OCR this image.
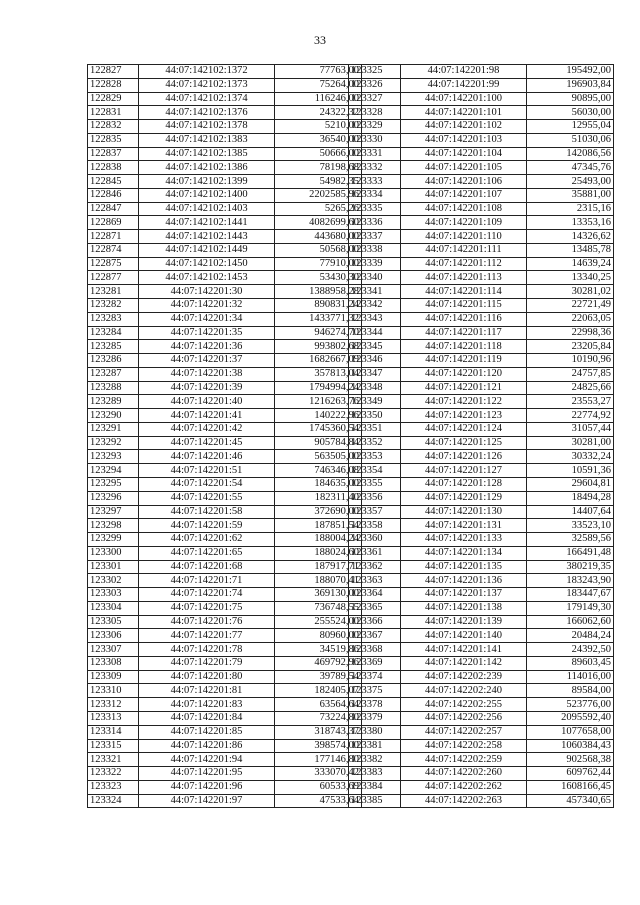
33
122827	44:07:142102:1372	77763,00
122828	44:07:142102:1373	75264,00
122829	44:07:142102:1374	116246,00
122831	44:07:142102:1376	24322,32
122832	44:07:142102:1378	5210,00
122835	44:07:142102:1383	36540,00
122837	44:07:142102:1385	50666,00
122838	44:07:142102:1386	78198,68
122845	44:07:142102:1399	54982,35
122846	44:07:142102:1400	2202585,96
122847	44:07:142102:1403	5265,26
122869	44:07:142102:1441	4082699,60
122871	44:07:142102:1443	443680,00
122874	44:07:142102:1449	50568,00
122875	44:07:142102:1450	77910,00
122877	44:07:142102:1453	53430,30
123281	44:07:142201:30	1388958,28
123282	44:07:142201:32	890831,24
123283	44:07:142201:34	1433771,32
123284	44:07:142201:35	946274,70
123285	44:07:142201:36	993802,68
123286	44:07:142201:37	1682667,09
123287	44:07:142201:38	357813,04
123288	44:07:142201:39	1794994,24
123289	44:07:142201:40	1216263,76
123290	44:07:142201:41	140222,96
123291	44:07:142201:42	1745360,54
123292	44:07:142201:45	905784,84
123293	44:07:142201:46	563505,00
123294	44:07:142201:51	746346,08
123295	44:07:142201:54	184635,00
123296	44:07:142201:55	182311,40
123297	44:07:142201:58	372690,00
123298	44:07:142201:59	187851,54
123299	44:07:142201:62	188004,24
123300	44:07:142201:65	188024,60
123301	44:07:142201:68	187917,71
123302	44:07:142201:71	188070,41
123303	44:07:142201:74	369130,00
123304	44:07:142201:75	736748,55
123305	44:07:142201:76	255524,00
123306	44:07:142201:77	80960,00
123307	44:07:142201:78	34519,86
123308	44:07:142201:79	469792,96
123309	44:07:142201:80	39789,54
123310	44:07:142201:81	182405,07
123312	44:07:142201:83	63564,64
123313	44:07:142201:84	73224,80
123314	44:07:142201:85	318743,37
123315	44:07:142201:86	398574,00
123321	44:07:142201:94	177146,80
123322	44:07:142201:95	333070,42
123323	44:07:142201:96	60533,69
123324	44:07:142201:97	47533,64
123325	44:07:142201:98	195492,00
123326	44:07:142201:99	196903,84
123327	44:07:142201:100	90895,00
123328	44:07:142201:101	56030,00
123329	44:07:142201:102	12955,04
123330	44:07:142201:103	51030,06
123331	44:07:142201:104	142086,56
123332	44:07:142201:105	47345,76
123333	44:07:142201:106	25493,00
123334	44:07:142201:107	35881,00
123335	44:07:142201:108	2315,16
123336	44:07:142201:109	13353,16
123337	44:07:142201:110	14326,62
123338	44:07:142201:111	13485,78
123339	44:07:142201:112	14639,24
123340	44:07:142201:113	13340,25
123341	44:07:142201:114	30281,02
123342	44:07:142201:115	22721,49
123343	44:07:142201:116	22063,05
123344	44:07:142201:117	22998,36
123345	44:07:142201:118	23205,84
123346	44:07:142201:119	10190,96
123347	44:07:142201:120	24757,85
123348	44:07:142201:121	24825,66
123349	44:07:142201:122	23553,27
123350	44:07:142201:123	22774,92
123351	44:07:142201:124	31057,44
123352	44:07:142201:125	30281,00
123353	44:07:142201:126	30332,24
123354	44:07:142201:127	10591,36
123355	44:07:142201:128	29604,81
123356	44:07:142201:129	18494,28
123357	44:07:142201:130	14407,64
123358	44:07:142201:131	33523,10
123360	44:07:142201:133	32589,56
123361	44:07:142201:134	166491,48
123362	44:07:142201:135	380219,35
123363	44:07:142201:136	183243,90
123364	44:07:142201:137	183447,67
123365	44:07:142201:138	179149,30
123366	44:07:142201:139	166062,60
123367	44:07:142201:140	20484,24
123368	44:07:142201:141	24392,50
123369	44:07:142201:142	89603,45
123374	44:07:142202:239	114016,00
123375	44:07:142202:240	89584,00
123378	44:07:142202:255	523776,00
123379	44:07:142202:256	2095592,40
123380	44:07:142202:257	1077658,00
123381	44:07:142202:258	1060384,43
123382	44:07:142202:259	902568,38
123383	44:07:142202:260	609762,44
123384	44:07:142202:262	1608166,45
123385	44:07:142202:263	457340,65
